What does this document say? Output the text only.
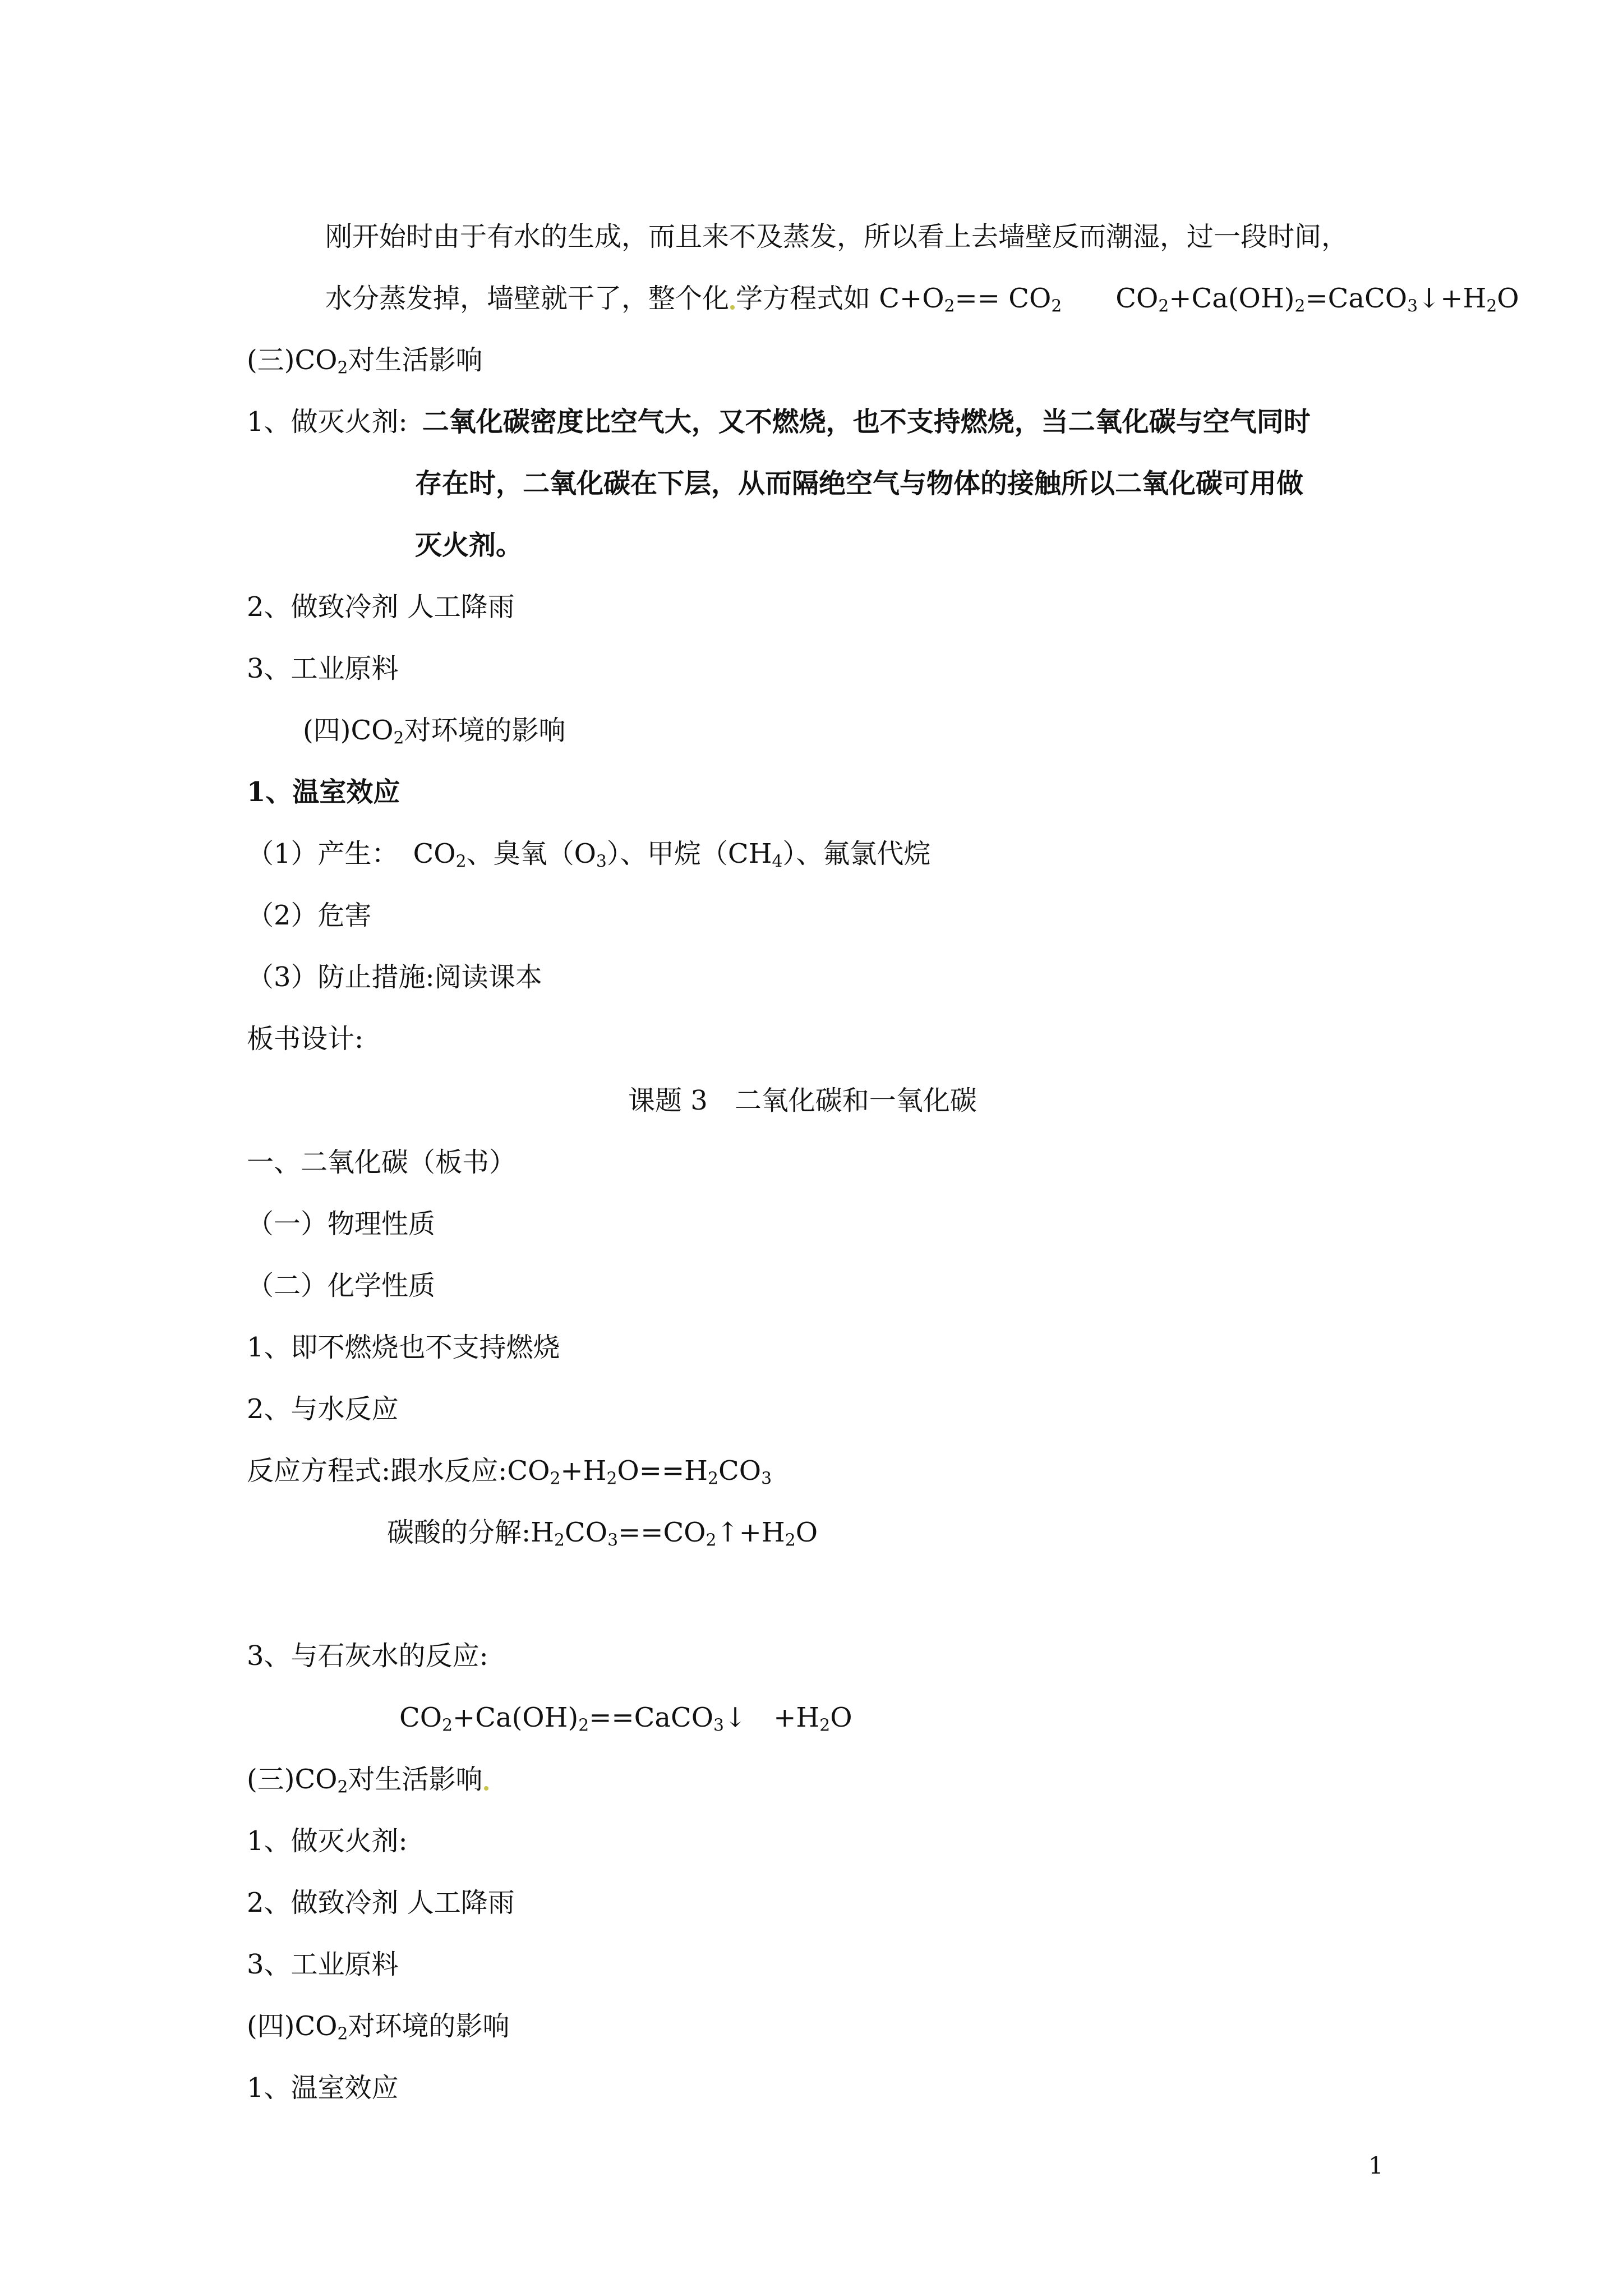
刚开始时由于有水的生成，而且来不及蒸发，所以看上去墙壁反而潮湿，过一段时间，
水分蒸发掉，墙壁就干了，整个化 学方程式如 $C+O_2== CO_2$ $CO_2+Ca(OH)_2=CaCO_3↓+H_2O$
(三)$CO_2$对生活影响
1、做灭火剂: 二氧化碳密度比空气大，又不燃烧，也不支持燃烧，当二氧化碳与空气同时
存在时，二氧化碳在下层，从而隔绝空气与物体的接触所以二氧化碳可用做
灭火剂。
2、做致冷剂 人工降雨
3、工业原料
(四)$CO_2$对环境的影响
1、温室效应
（1）产生： $CO_2$、臭氧$(O_3)$、甲烷$(CH_4)$、氟氯代烷
（2）危害
（3）防止措施:阅读课本
板书设计:
课题 3　二氧化碳和一氧化碳
一、二氧化碳（板书）
（一）物理性质
（二）化学性质
1、即不燃烧也不支持燃烧
2、与水反应
反应方程式:跟水反应$:CO_2+H_2O==H_2CO_3$
碳酸的分解$:H_2CO_3==CO_2↑+H_2O$
3、与石灰水的反应:
$CO_2+Ca(OH)_2==CaCO_3↓$　$+H_2O$
(三)$CO_2$对生活影响
1、做灭火剂:
2、做致冷剂 人工降雨
3、工业原料
(四)$CO_2$对环境的影响
1、温室效应
1
